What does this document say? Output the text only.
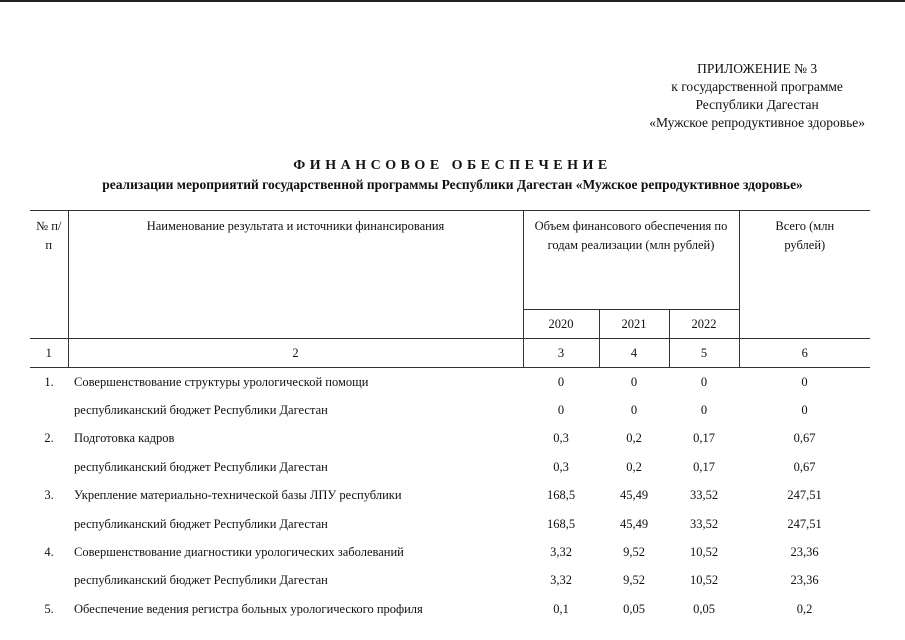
ПРИЛОЖЕНИЕ № 3
к государственной программе
Республики Дагестан
«Мужское репродуктивное здоровье»
ФИНАНСОВОЕ ОБЕСПЕЧЕНИЕ
реализации мероприятий государственной программы Республики Дагестан «Мужское репродуктивное здоровье»
№ п/п	Наименование результата и источники финансирования	Объем финансового обеспечения по годам реализации (млн рублей)			Всего (млн рублей)
		2020	2021	2022	
1	2	3	4	5	6
1.	Совершенствование структуры урологической помощи	0	0	0	0
	республиканский бюджет Республики Дагестан	0	0	0	0
2.	Подготовка кадров	0,3	0,2	0,17	0,67
	республиканский бюджет Республики Дагестан	0,3	0,2	0,17	0,67
3.	Укрепление материально-технической базы ЛПУ республики	168,5	45,49	33,52	247,51
	республиканский бюджет Республики Дагестан	168,5	45,49	33,52	247,51
4.	Совершенствование диагностики урологических заболеваний	3,32	9,52	10,52	23,36
	республиканский бюджет Республики Дагестан	3,32	9,52	10,52	23,36
5.	Обеспечение ведения регистра больных урологического профиля	0,1	0,05	0,05	0,2
